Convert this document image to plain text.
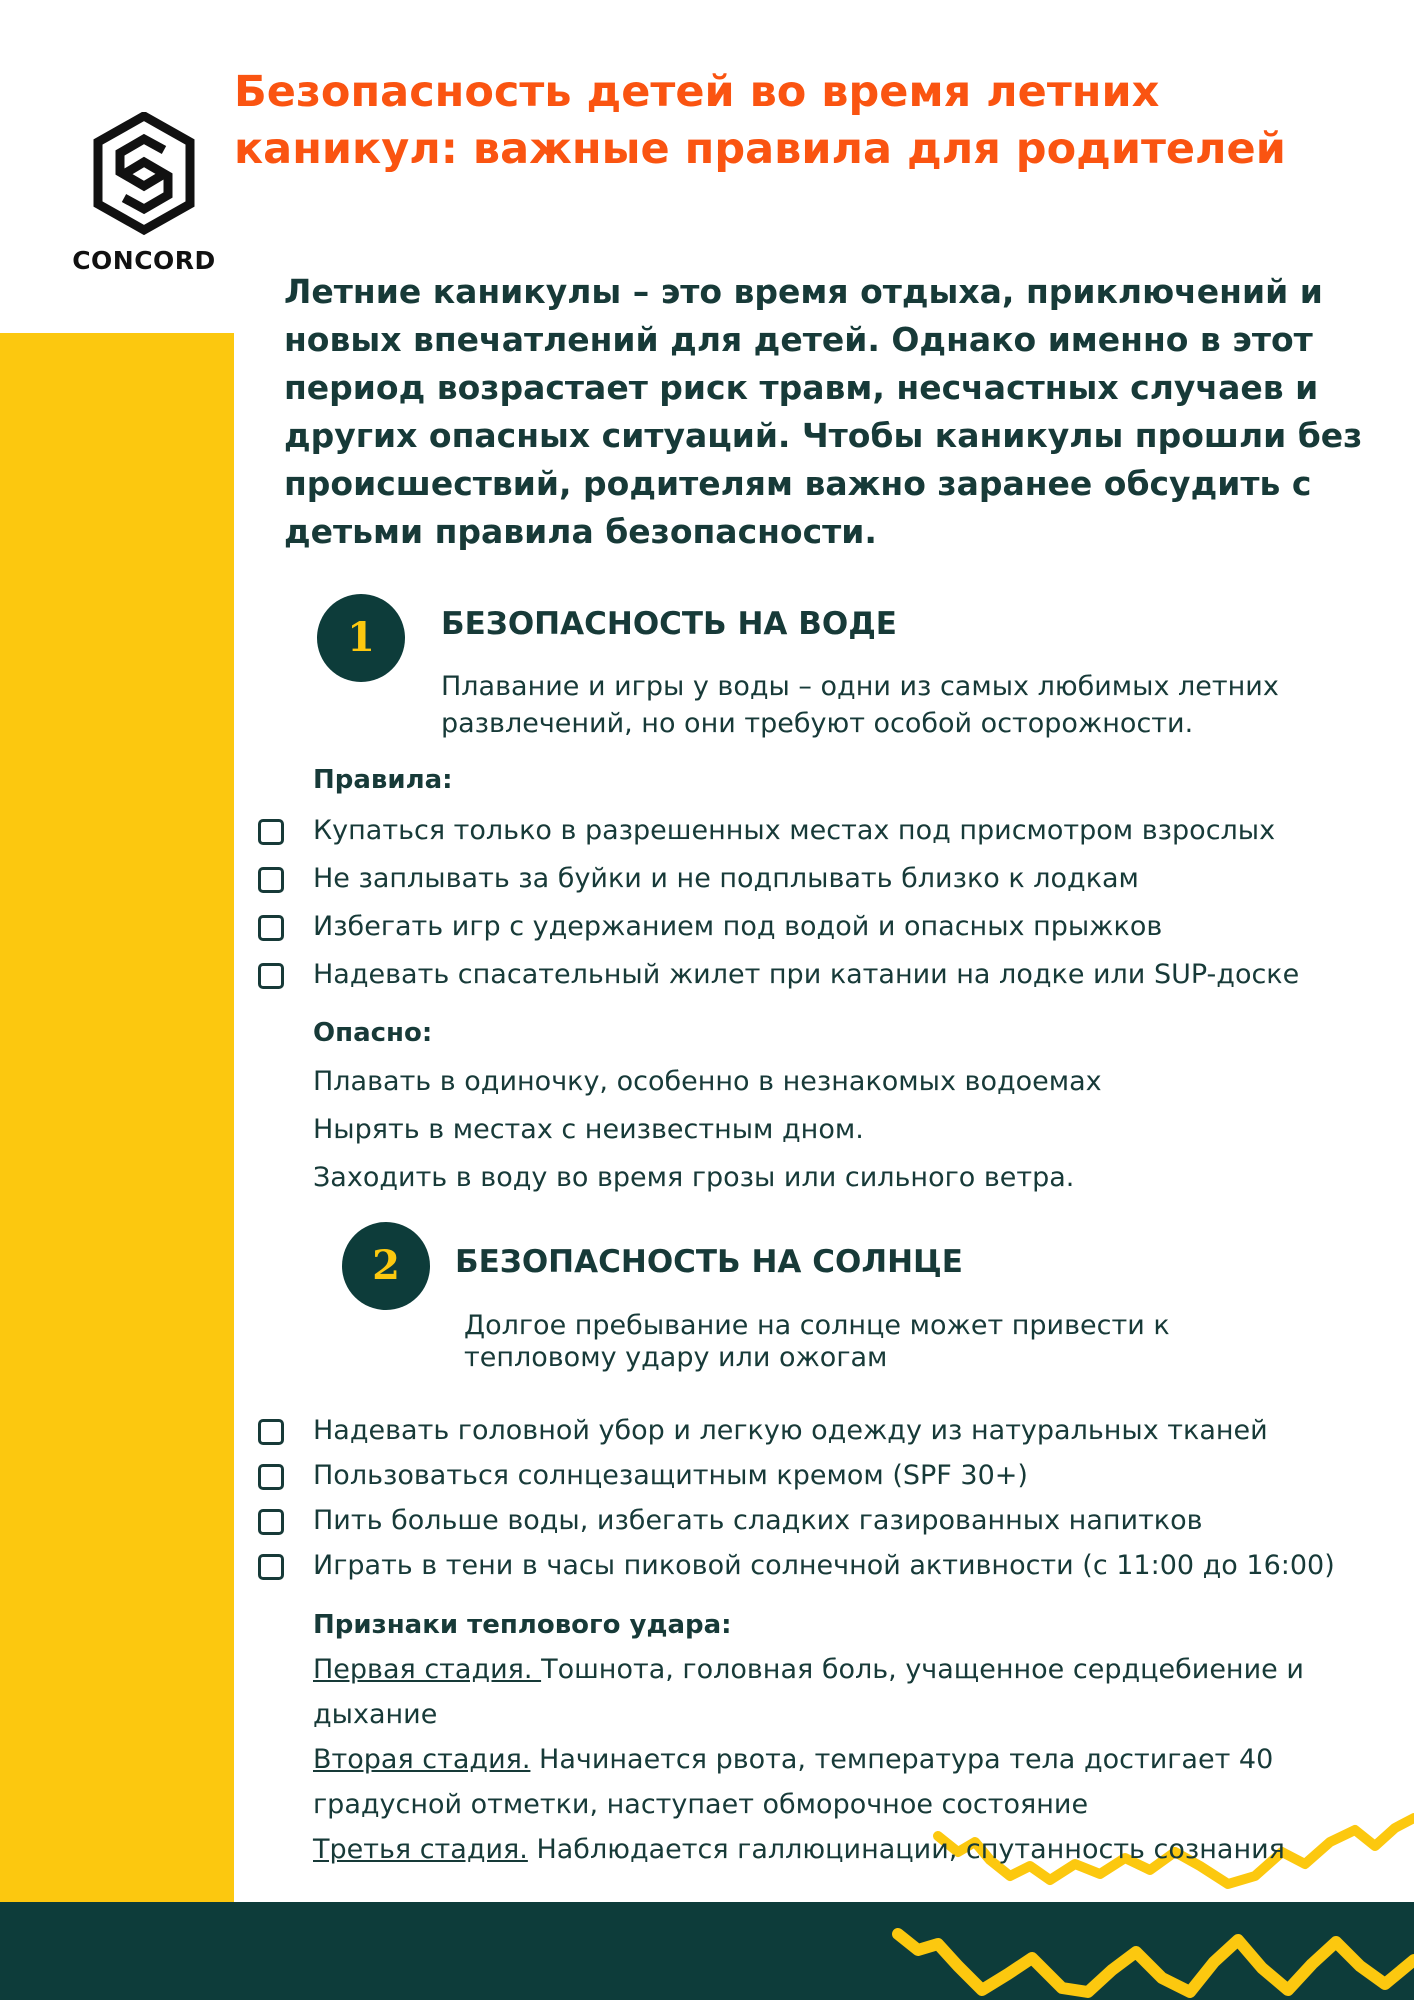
CONCORD
Безопасность детей во время летних каникул: важные правила для родителей

Летние каникулы – это время отдыха, приключений и новых впечатлений для детей. Однако именно в этот период возрастает риск травм, несчастных случаев и других опасных ситуаций. Чтобы каникулы прошли без происшествий, родителям важно заранее обсудить с детьми правила безопасности.

1	БЕЗОПАСНОСТЬ НА ВОДЕ

Плавание и игры у воды – одни из самых любимых летних развлечений, но они требуют особой осторожности.

Правила:
Купаться только в разрешенных местах под присмотром взрослых
Не заплывать за буйки и не подплывать близко к лодкам
Избегать игр с удержанием под водой и опасных прыжков
Надевать спасательный жилет при катании на лодке или SUP-доске
Опасно:
Плавать в одиночку, особенно в незнакомых водоемах
Нырять в местах с неизвестным дном.
Заходить в воду во время грозы или сильного ветра.
2	БЕЗОПАСНОСТЬ НА СОЛНЦЕ

Долгое пребывание на солнце может привести к тепловому удару или ожогам

Надевать головной убор и легкую одежду из натуральных тканей
Пользоваться солнцезащитным кремом (SPF 30+)
Пить больше воды, избегать сладких газированных напитков
Играть в тени в часы пиковой солнечной активности (с 11:00 до 16:00)
Признаки теплового удара:

Первая стадия. Тошнота, головная боль, учащенное сердцебиение и дыхание

Вторая стадия. Начинается рвота, температура тела достигает 40 градусной отметки, наступает обморочное состояние

Третья стадия. Наблюдается галлюцинации, спутанность сознания
